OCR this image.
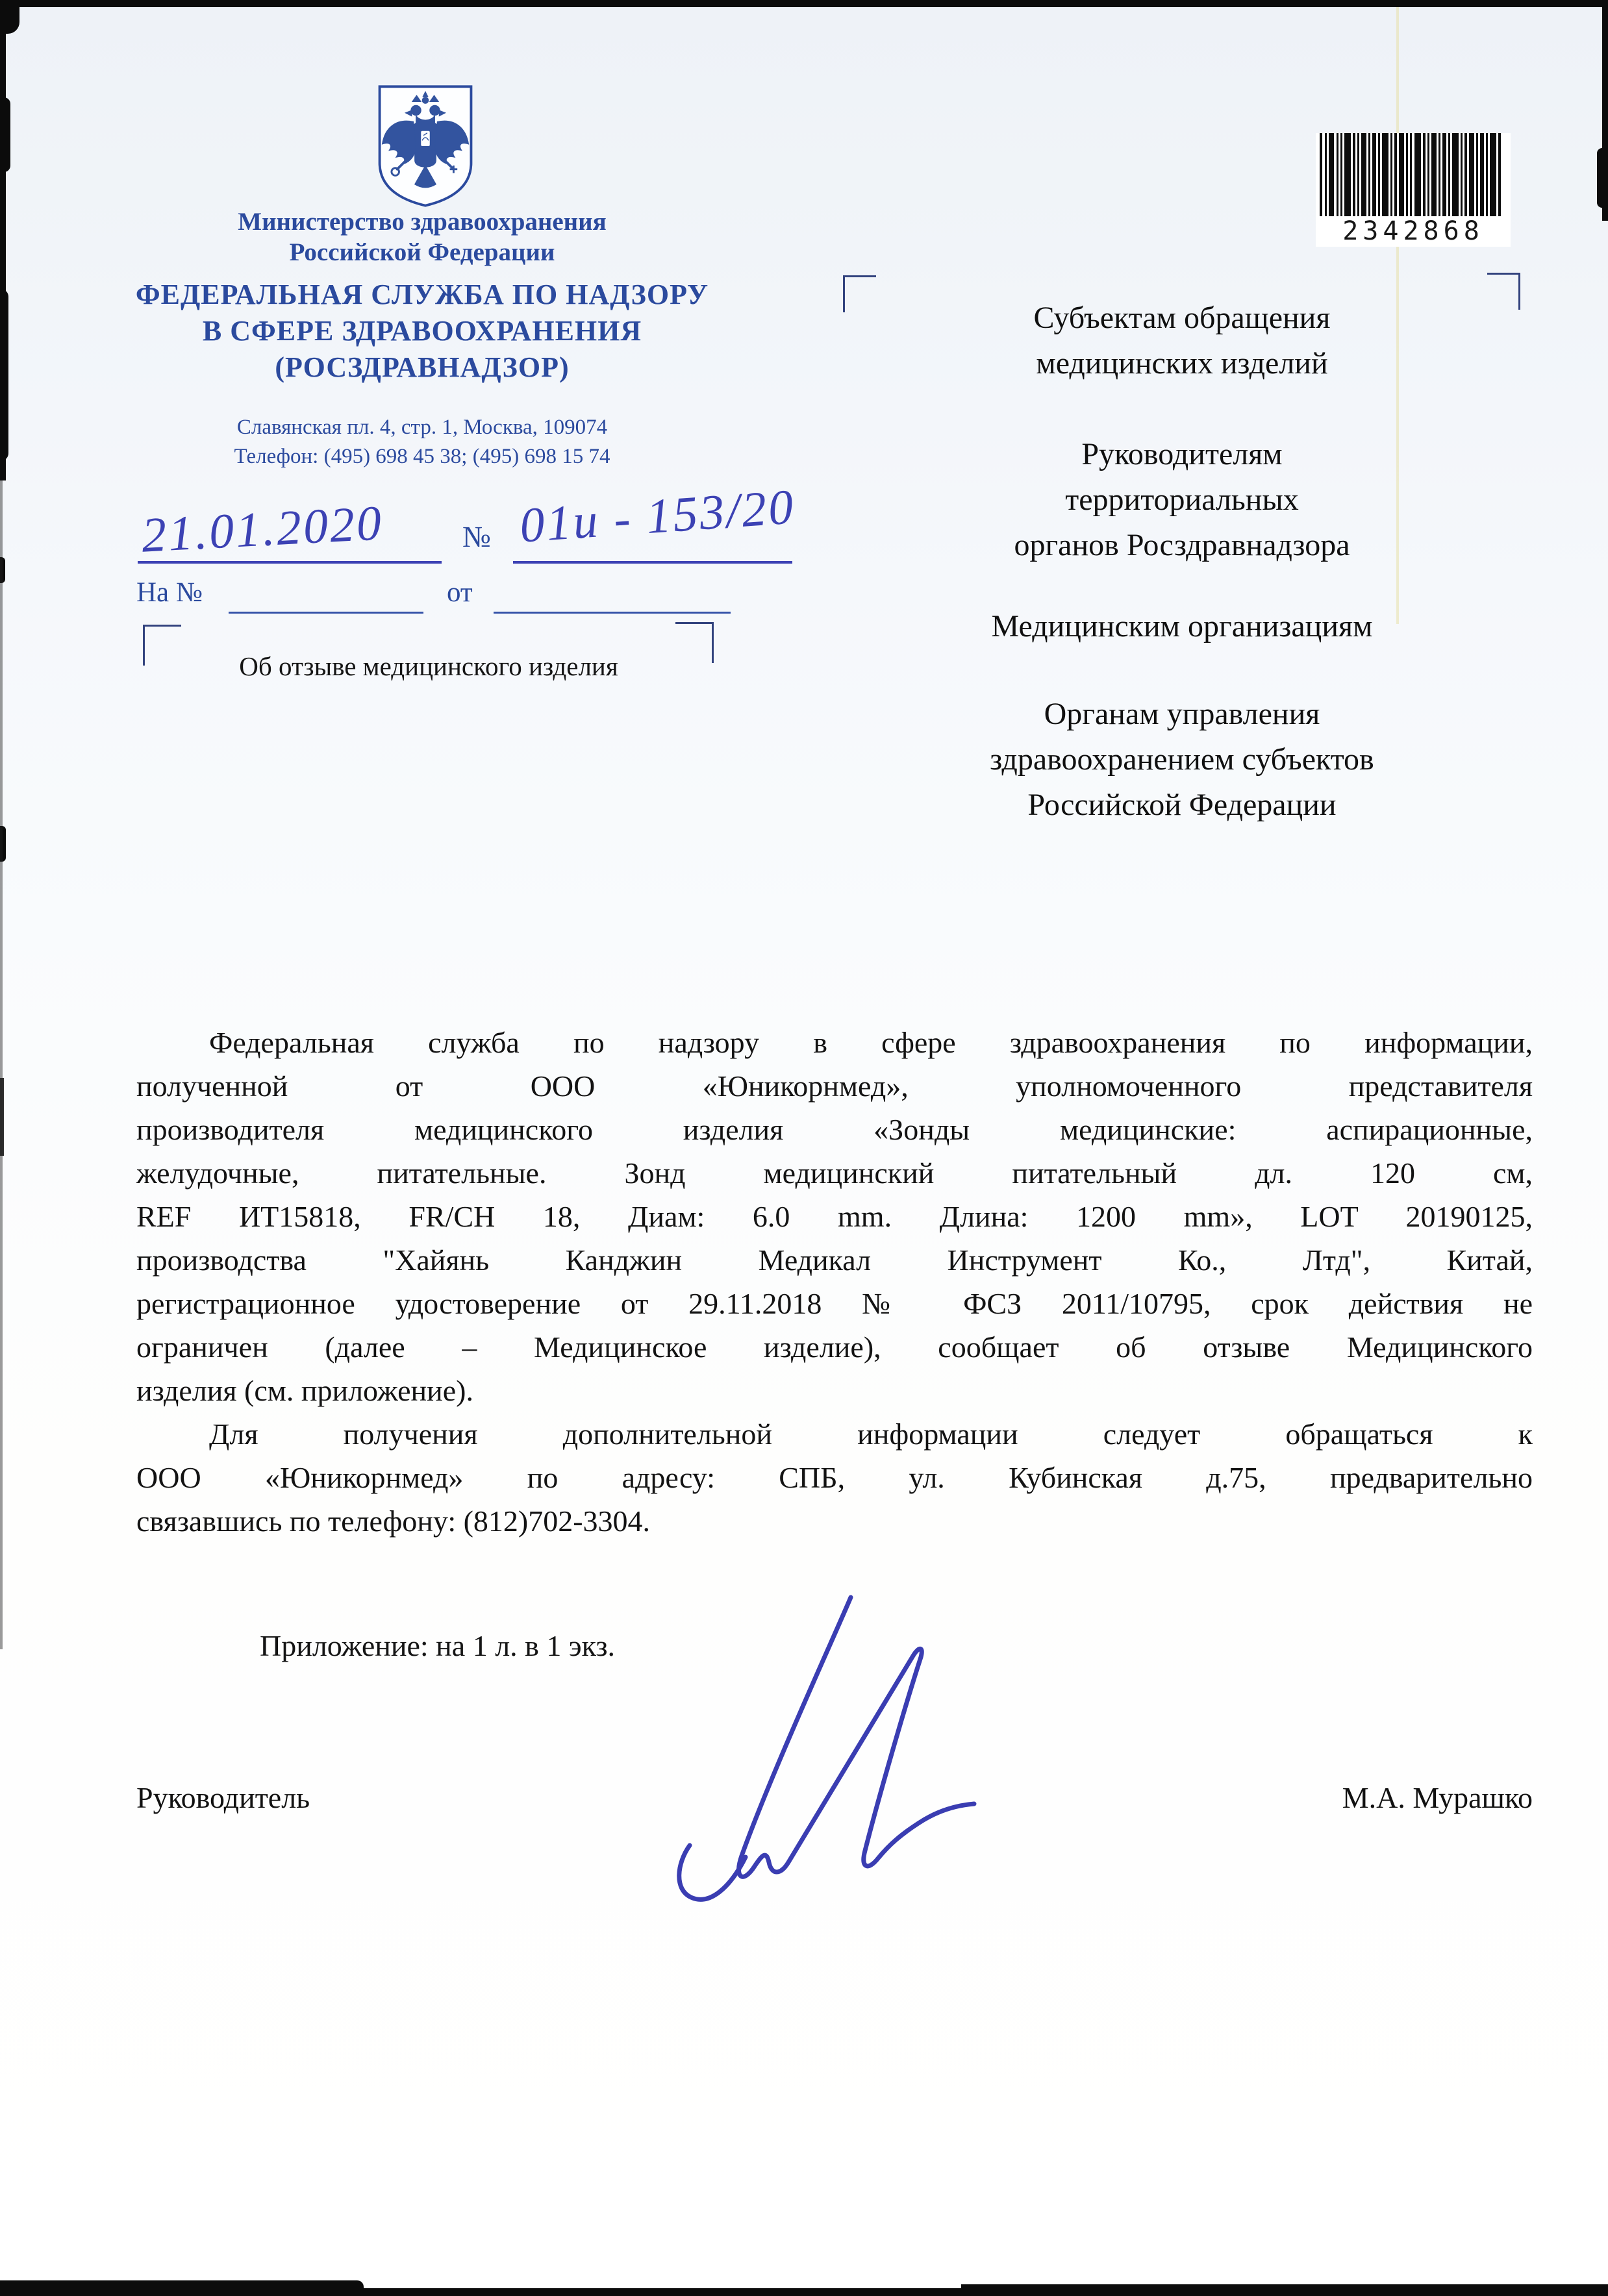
Министерство здравоохранения
Российской Федерации
ФЕДЕРАЛЬНАЯ СЛУЖБА ПО НАДЗОРУ
В СФЕРЕ ЗДРАВООХРАНЕНИЯ
(РОСЗДРАВНАДЗОР)
Славянская пл. 4, стр. 1, Москва, 109074
Телефон: (495) 698 45 38; (495) 698 15 74
2342868
21.01.2020	№ 01и - 153/20
На №	от
Об отзыве медицинского изделия
Субъектам обращения
медицинских изделий
Руководителям
территориальных
органов Росздравнадзора
Медицинским организациям
Органам управления
здравоохранением субъектов
Российской Федерации
Федеральная служба по надзору в сфере здравоохранения по информации,
полученной от ООО «Юникорнмед», уполномоченного представителя
производителя медицинского изделия «Зонды медицинские: аспирационные,
желудочные, питательные. Зонд медицинский питательный дл. 120 см,
REF ИТ15818, FR/CH 18, Диам: 6.0 mm. Длина: 1200 mm», LOT 20190125,
производства "Хайянь Канджин Медикал Инструмент Ко., Лтд", Китай,
регистрационное удостоверение от 29.11.2018 № ФСЗ 2011/10795, срок действия не
ограничен (далее – Медицинское изделие), сообщает об отзыве Медицинского
изделия (см. приложение).
Для получения дополнительной информации следует обращаться к
ООО «Юникорнмед» по адресу: СПБ, ул. Кубинская д.75, предварительно
связавшись по телефону: (812)702-3304.
Приложение: на 1 л. в 1 экз.
Руководитель	М.А. Мурашко
